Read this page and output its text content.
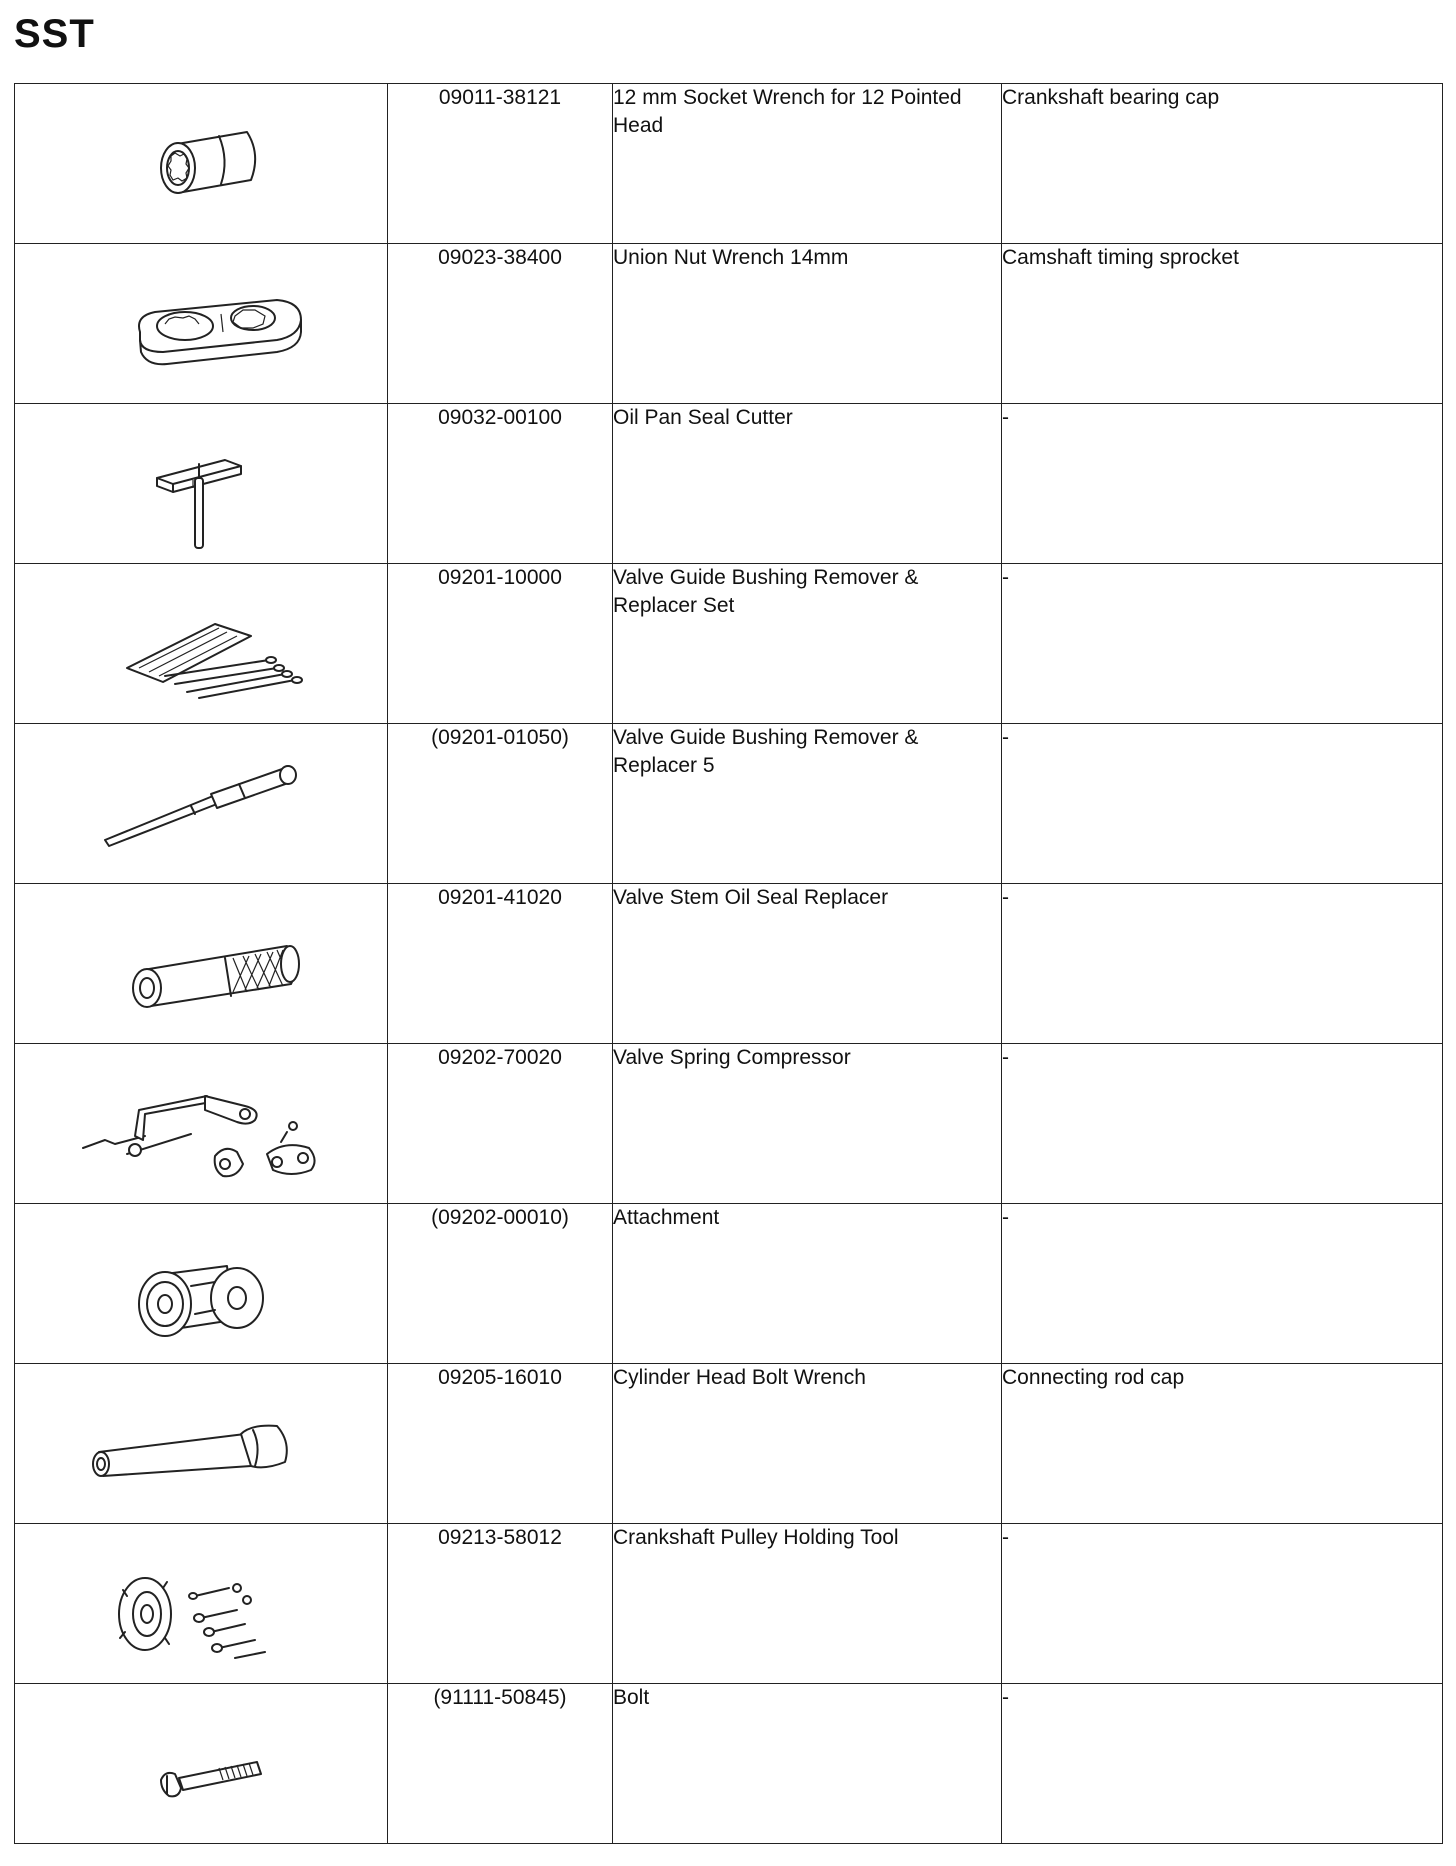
SST
	09011-38121	12 mm Socket Wrench for 12 Pointed Head	Crankshaft bearing cap

	09023-38400	Union Nut Wrench 14mm	Camshaft timing sprocket

	09032-00100	Oil Pan Seal Cutter	-

	09201-10000	Valve Guide Bushing Remover & Replacer Set	-

	(09201-01050)	Valve Guide Bushing Remover & Replacer 5	-

	09201-41020	Valve Stem Oil Seal Replacer	-

	09202-70020	Valve Spring Compressor	-

	(09202-00010)	Attachment	-

	09205-16010	Cylinder Head Bolt Wrench	Connecting rod cap

	09213-58012	Crankshaft Pulley Holding Tool	-

	(91111-50845)	Bolt	-
